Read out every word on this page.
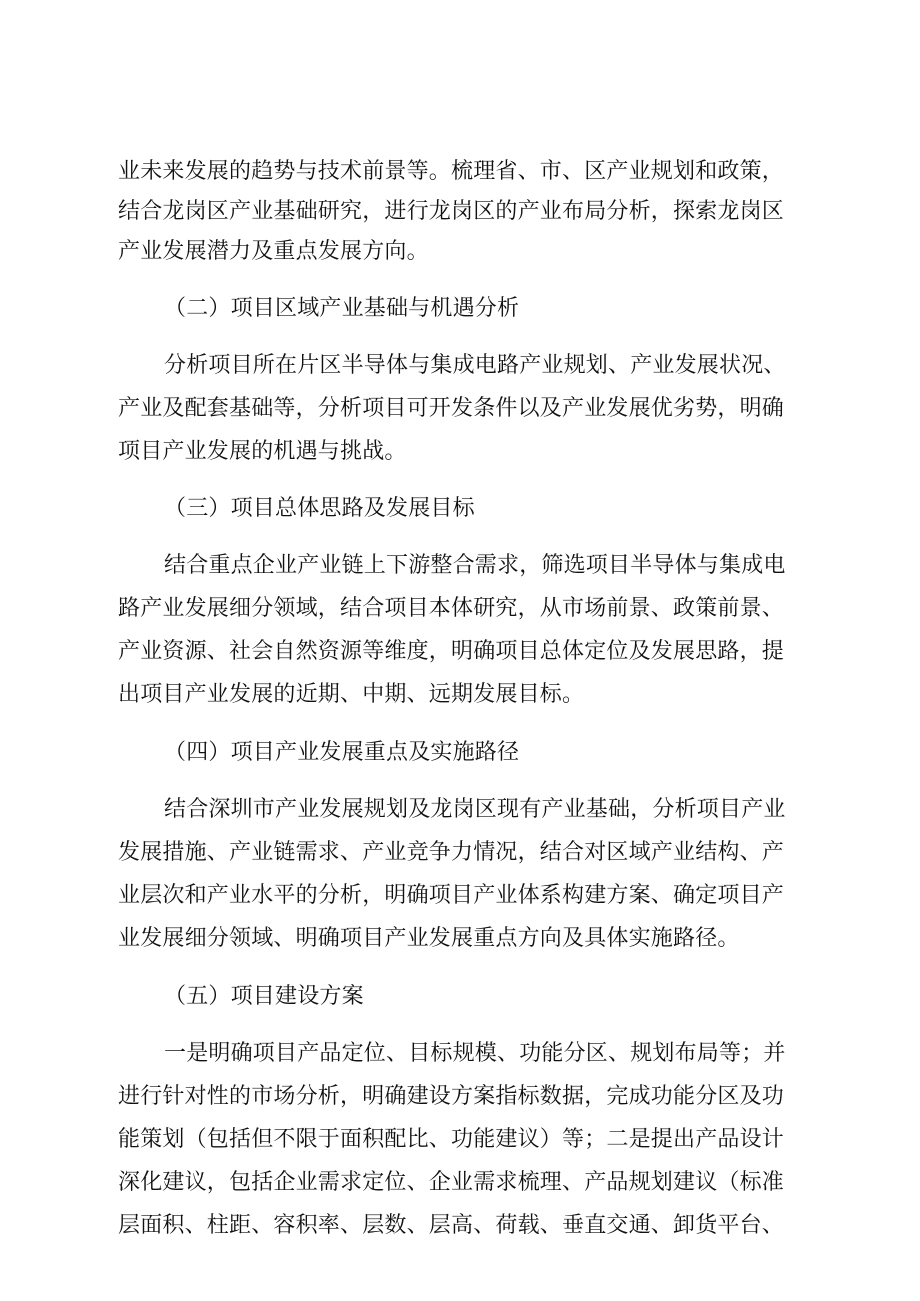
业未来发展的趋势与技术前景等。梳理省、市、区产业规划和政策，
结合龙岗区产业基础研究，进行龙岗区的产业布局分析，探索龙岗区
产业发展潜力及重点发展方向。
（二）项目区域产业基础与机遇分析
分析项目所在片区半导体与集成电路产业规划、产业发展状况、
产业及配套基础等，分析项目可开发条件以及产业发展优劣势，明确
项目产业发展的机遇与挑战。
（三）项目总体思路及发展目标
结合重点企业产业链上下游整合需求，筛选项目半导体与集成电
路产业发展细分领域，结合项目本体研究，从市场前景、政策前景、
产业资源、社会自然资源等维度，明确项目总体定位及发展思路，提
出项目产业发展的近期、中期、远期发展目标。
（四）项目产业发展重点及实施路径
结合深圳市产业发展规划及龙岗区现有产业基础，分析项目产业
发展措施、产业链需求、产业竞争力情况，结合对区域产业结构、产
业层次和产业水平的分析，明确项目产业体系构建方案、确定项目产
业发展细分领域、明确项目产业发展重点方向及具体实施路径。
（五）项目建设方案
一是明确项目产品定位、目标规模、功能分区、规划布局等；并
进行针对性的市场分析，明确建设方案指标数据，完成功能分区及功
能策划（包括但不限于面积配比、功能建议）等；二是提出产品设计
深化建议，包括企业需求定位、企业需求梳理、产品规划建议（标准
层面积、柱距、容积率、层数、层高、荷载、垂直交通、卸货平台、
